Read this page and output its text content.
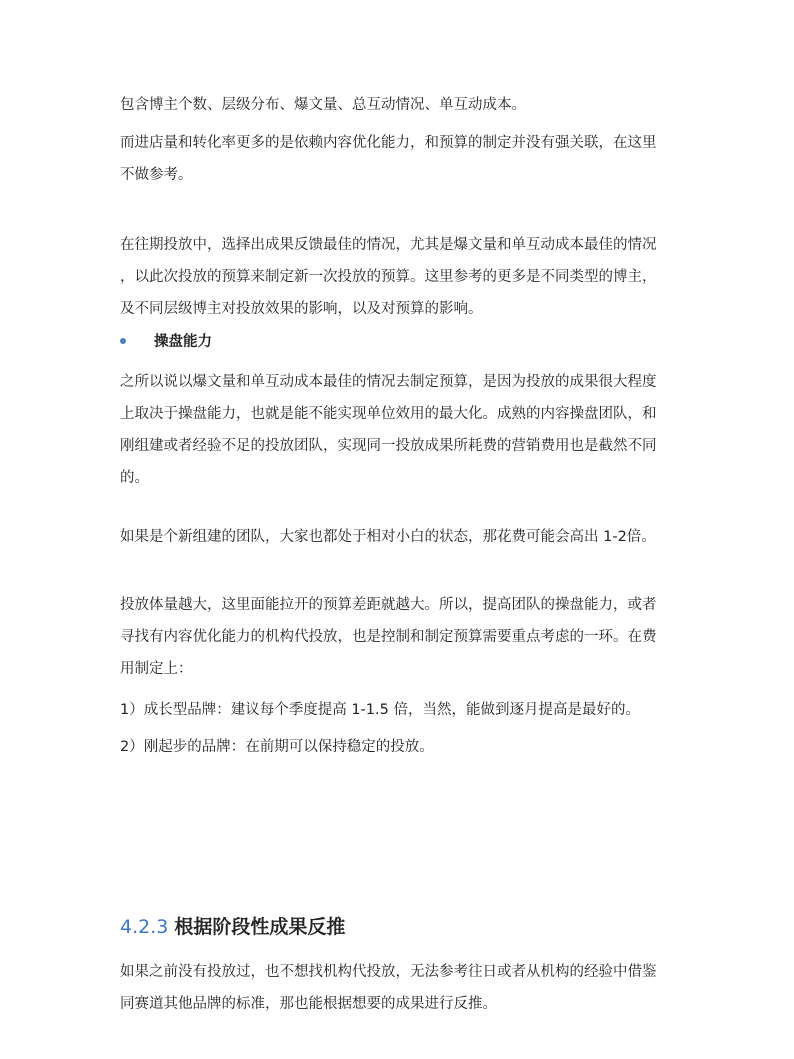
包含博主个数、层级分布、爆文量、总互动情况、单互动成本。
而进店量和转化率更多的是依赖内容优化能力，和预算的制定并没有强关联，在这里
不做参考。
在往期投放中，选择出成果反馈最佳的情况，尤其是爆文量和单互动成本最佳的情况
，以此次投放的预算来制定新一次投放的预算。这里参考的更多是不同类型的博主，
及不同层级博主对投放效果的影响，以及对预算的影响。
操盘能力
之所以说以爆文量和单互动成本最佳的情况去制定预算，是因为投放的成果很大程度
上取决于操盘能力，也就是能不能实现单位效用的最大化。成熟的内容操盘团队，和
刚组建或者经验不足的投放团队，实现同一投放成果所耗费的营销费用也是截然不同
的。
如果是个新组建的团队，大家也都处于相对小白的状态，那花费可能会高出 1-2倍。
投放体量越大，这里面能拉开的预算差距就越大。所以，提高团队的操盘能力，或者
寻找有内容优化能力的机构代投放，也是控制和制定预算需要重点考虑的一环。在费
用制定上：
1）成长型品牌：建议每个季度提高 1-1.5 倍，当然，能做到逐月提高是最好的。
2）刚起步的品牌：在前期可以保持稳定的投放。
4.2.3 根据阶段性成果反推
如果之前没有投放过，也不想找机构代投放，无法参考往日或者从机构的经验中借鉴
同赛道其他品牌的标准，那也能根据想要的成果进行反推。
